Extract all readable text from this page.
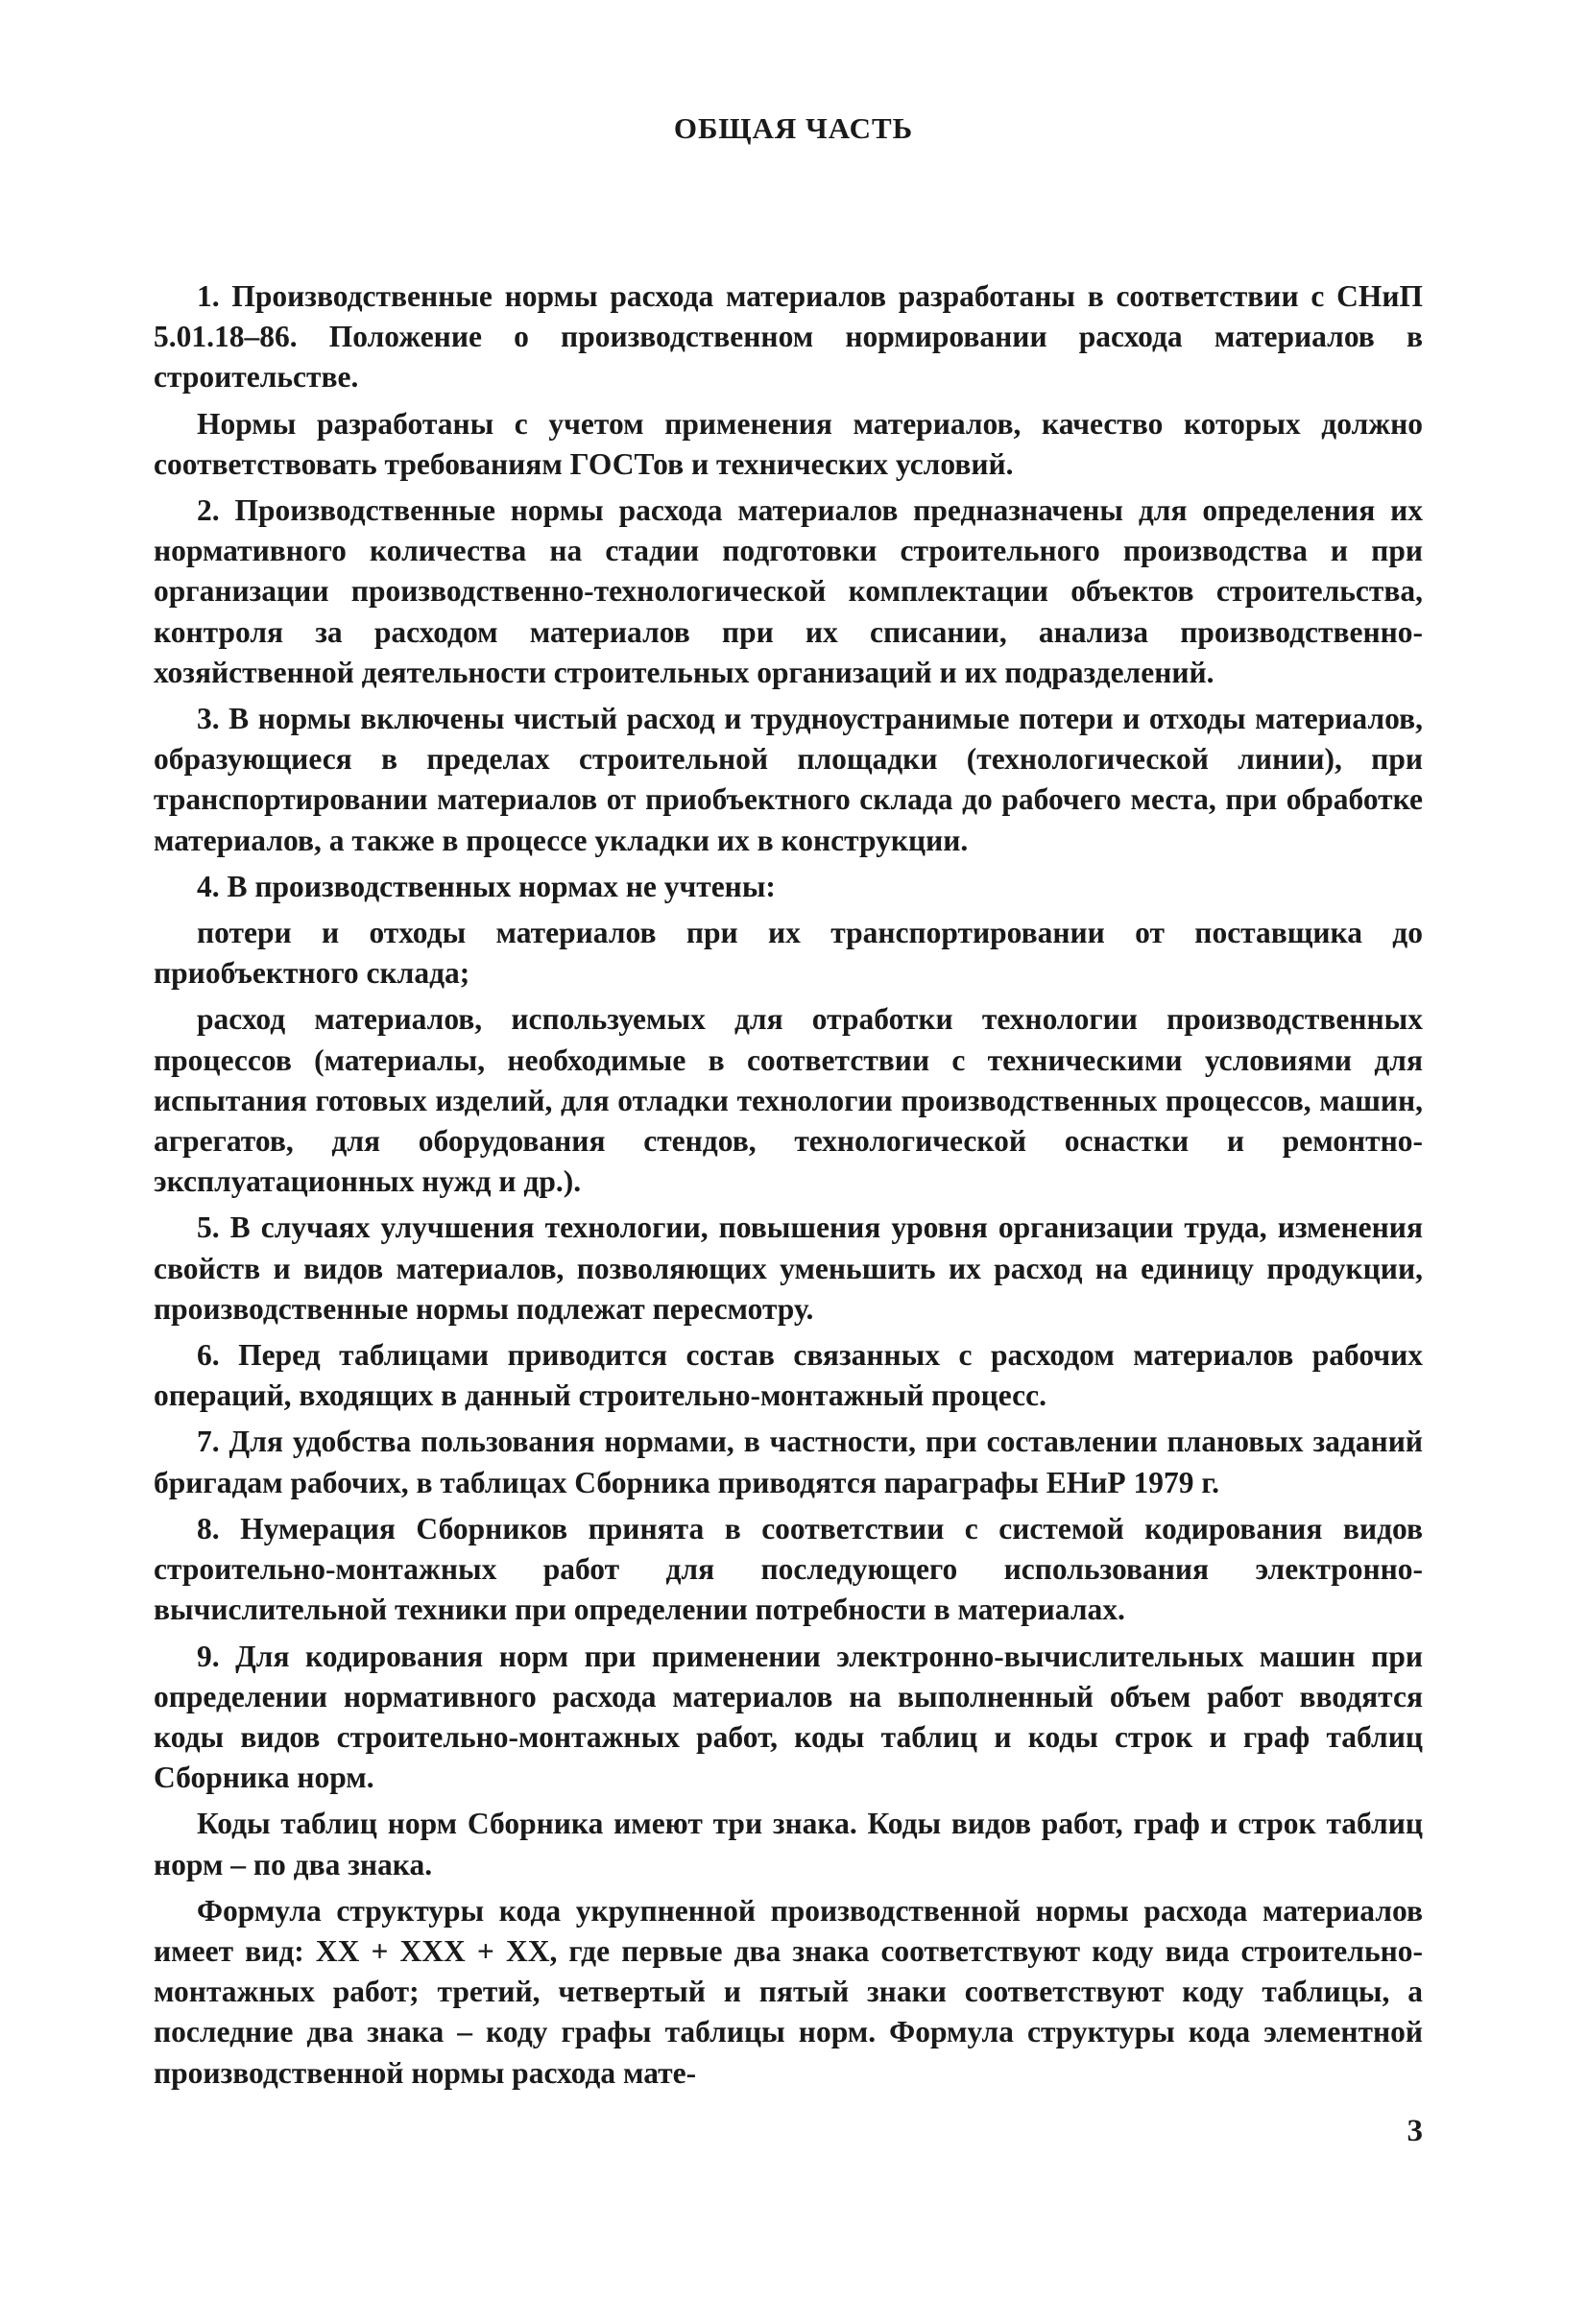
ОБЩАЯ ЧАСТЬ

1. Производственные нормы расхода материалов разработаны в соответствии с СНиП 5.01.18–86. Положение о производственном нормировании расхода материалов в строительстве.

Нормы разработаны с учетом применения материалов, качество которых должно соответствовать требованиям ГОСТов и технических условий.

2. Производственные нормы расхода материалов предназначены для определения их нормативного количества на стадии подготовки строительного производства и при организации производственно-технологической комплектации объектов строительства, контроля за расходом материалов при их списании, анализа производственно-хозяйственной деятельности строительных организаций и их подразделений.

3. В нормы включены чистый расход и трудноустранимые потери и отходы материалов, образующиеся в пределах строительной площадки (технологической линии), при транспортировании материалов от приобъектного склада до рабочего места, при обработке материалов, а также в процессе укладки их в конструкции.

4. В производственных нормах не учтены:

потери и отходы материалов при их транспортировании от поставщика до приобъектного склада;

расход материалов, используемых для отработки технологии производственных процессов (материалы, необходимые в соответствии с техническими условиями для испытания готовых изделий, для отладки технологии производственных процессов, машин, агрегатов, для оборудования стендов, технологической оснастки и ремонтно-эксплуатационных нужд и др.).

5. В случаях улучшения технологии, повышения уровня организации труда, изменения свойств и видов материалов, позволяющих уменьшить их расход на единицу продукции, производственные нормы подлежат пересмотру.

6. Перед таблицами приводится состав связанных с расходом материалов рабочих операций, входящих в данный строительно-монтажный процесс.

7. Для удобства пользования нормами, в частности, при составлении плановых заданий бригадам рабочих, в таблицах Сборника приводятся параграфы ЕНиР 1979 г.

8. Нумерация Сборников принята в соответствии с системой кодирования видов строительно-монтажных работ для последующего использования электронно-вычислительной техники при определении потребности в материалах.

9. Для кодирования норм при применении электронно-вычислительных машин при определении нормативного расхода материалов на выполненный объем работ вводятся коды видов строительно-монтажных работ, коды таблиц и коды строк и граф таблиц Сборника норм.

Коды таблиц норм Сборника имеют три знака. Коды видов работ, граф и строк таблиц норм – по два знака.

Формула структуры кода укрупненной производственной нормы расхода материалов имеет вид: XX + XXX + XX, где первые два знака соответствуют коду вида строительно-монтажных работ; третий, четвертый и пятый знаки соответствуют коду таблицы, а последние два знака – коду графы таблицы норм. Формула структуры кода элементной производственной нормы расхода мате-

3
